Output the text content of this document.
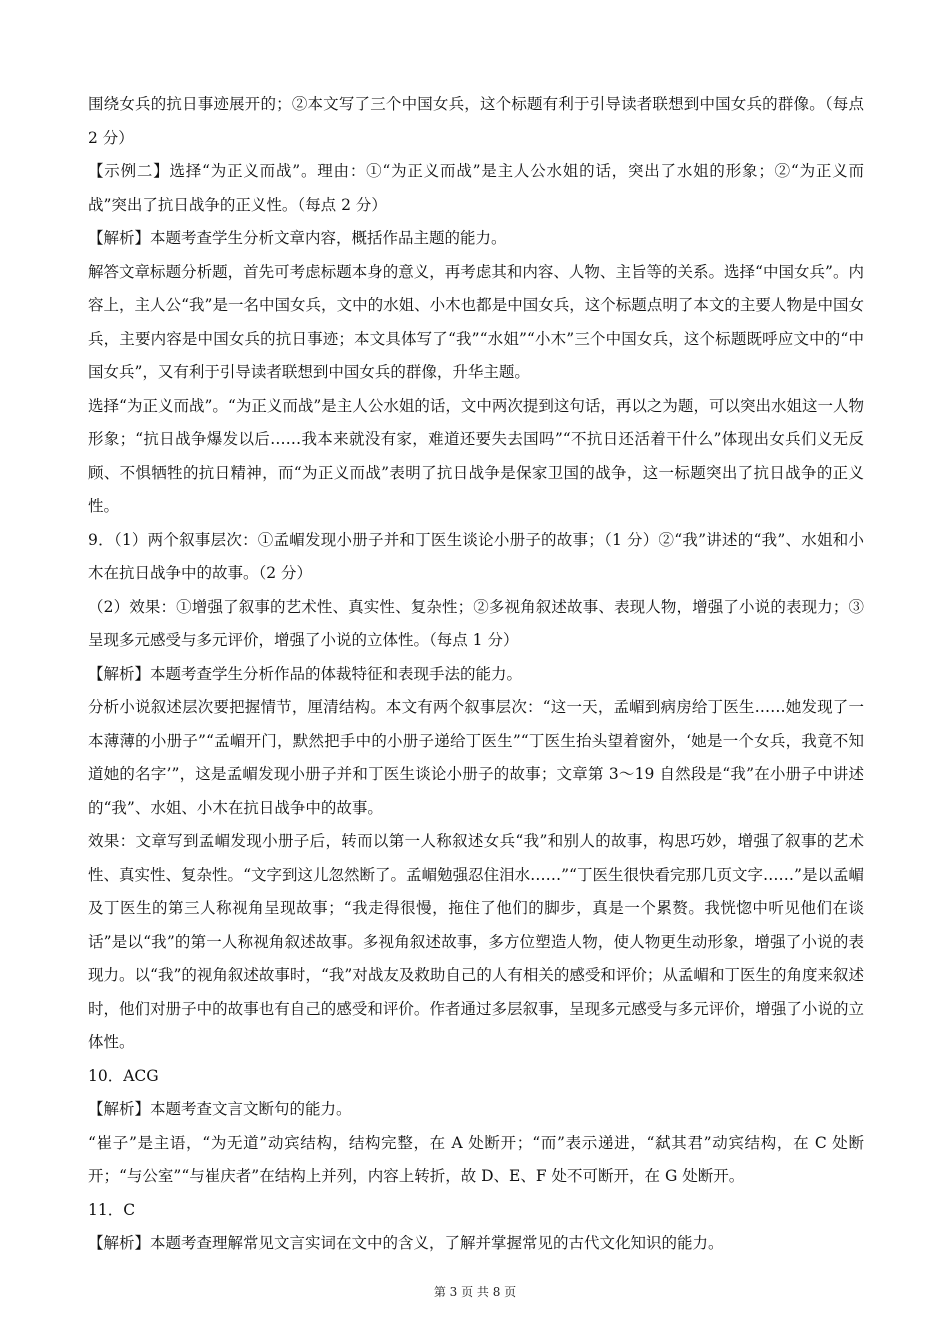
围绕女兵的抗日事迹展开的；②本文写了三个中国女兵，这个标题有利于引导读者联想到中国女兵的群像。（每点 2 分）

【示例二】选择“为正义而战”。理由：①“为正义而战”是主人公水姐的话，突出了水姐的形象；②“为正义而战”突出了抗日战争的正义性。（每点 2 分）

【解析】本题考查学生分析文章内容，概括作品主题的能力。

解答文章标题分析题，首先可考虑标题本身的意义，再考虑其和内容、人物、主旨等的关系。选择“中国女兵”。内容上，主人公“我”是一名中国女兵，文中的水姐、小木也都是中国女兵，这个标题点明了本文的主要人物是中国女兵，主要内容是中国女兵的抗日事迹；本文具体写了“我”“水姐”“小木”三个中国女兵，这个标题既呼应文中的“中国女兵”，又有利于引导读者联想到中国女兵的群像，升华主题。

选择“为正义而战”。“为正义而战”是主人公水姐的话，文中两次提到这句话，再以之为题，可以突出水姐这一人物形象；“抗日战争爆发以后……我本来就没有家，难道还要失去国吗”“不抗日还活着干什么”体现出女兵们义无反顾、不惧牺牲的抗日精神，而“为正义而战”表明了抗日战争是保家卫国的战争，这一标题突出了抗日战争的正义性。

9．（1）两个叙事层次：①孟嵋发现小册子并和丁医生谈论小册子的故事；（1 分）②“我”讲述的“我”、水姐和小木在抗日战争中的故事。（2 分）

（2）效果：①增强了叙事的艺术性、真实性、复杂性；②多视角叙述故事、表现人物，增强了小说的表现力；③呈现多元感受与多元评价，增强了小说的立体性。（每点 1 分）

【解析】本题考查学生分析作品的体裁特征和表现手法的能力。

分析小说叙述层次要把握情节，厘清结构。本文有两个叙事层次：“这一天，孟嵋到病房给丁医生……她发现了一本薄薄的小册子”“孟嵋开门，默然把手中的小册子递给丁医生”“丁医生抬头望着窗外，‘她是一个女兵，我竟不知道她的名字’”，这是孟嵋发现小册子并和丁医生谈论小册子的故事；文章第 3～19 自然段是“我”在小册子中讲述的“我”、水姐、小木在抗日战争中的故事。

效果：文章写到孟嵋发现小册子后，转而以第一人称叙述女兵“我”和别人的故事，构思巧妙，增强了叙事的艺术性、真实性、复杂性。“文字到这儿忽然断了。孟嵋勉强忍住泪水……”“丁医生很快看完那几页文字……”是以孟嵋及丁医生的第三人称视角呈现故事；“我走得很慢，拖住了他们的脚步，真是一个累赘。我恍惚中听见他们在谈话”是以“我”的第一人称视角叙述故事。多视角叙述故事，多方位塑造人物，使人物更生动形象，增强了小说的表现力。以“我”的视角叙述故事时，“我”对战友及救助自己的人有相关的感受和评价；从孟嵋和丁医生的角度来叙述时，他们对册子中的故事也有自己的感受和评价。作者通过多层叙事，呈现多元感受与多元评价，增强了小说的立体性。

10．ACG

【解析】本题考查文言文断句的能力。

“崔子”是主语，“为无道”动宾结构，结构完整，在 A 处断开；“而”表示递进，“弑其君”动宾结构，在 C 处断开；“与公室”“与崔庆者”在结构上并列，内容上转折，故 D、E、F 处不可断开，在 G 处断开。

11．C

【解析】本题考查理解常见文言实词在文中的含义，了解并掌握常见的古代文化知识的能力。

第 3 页 共 8 页
